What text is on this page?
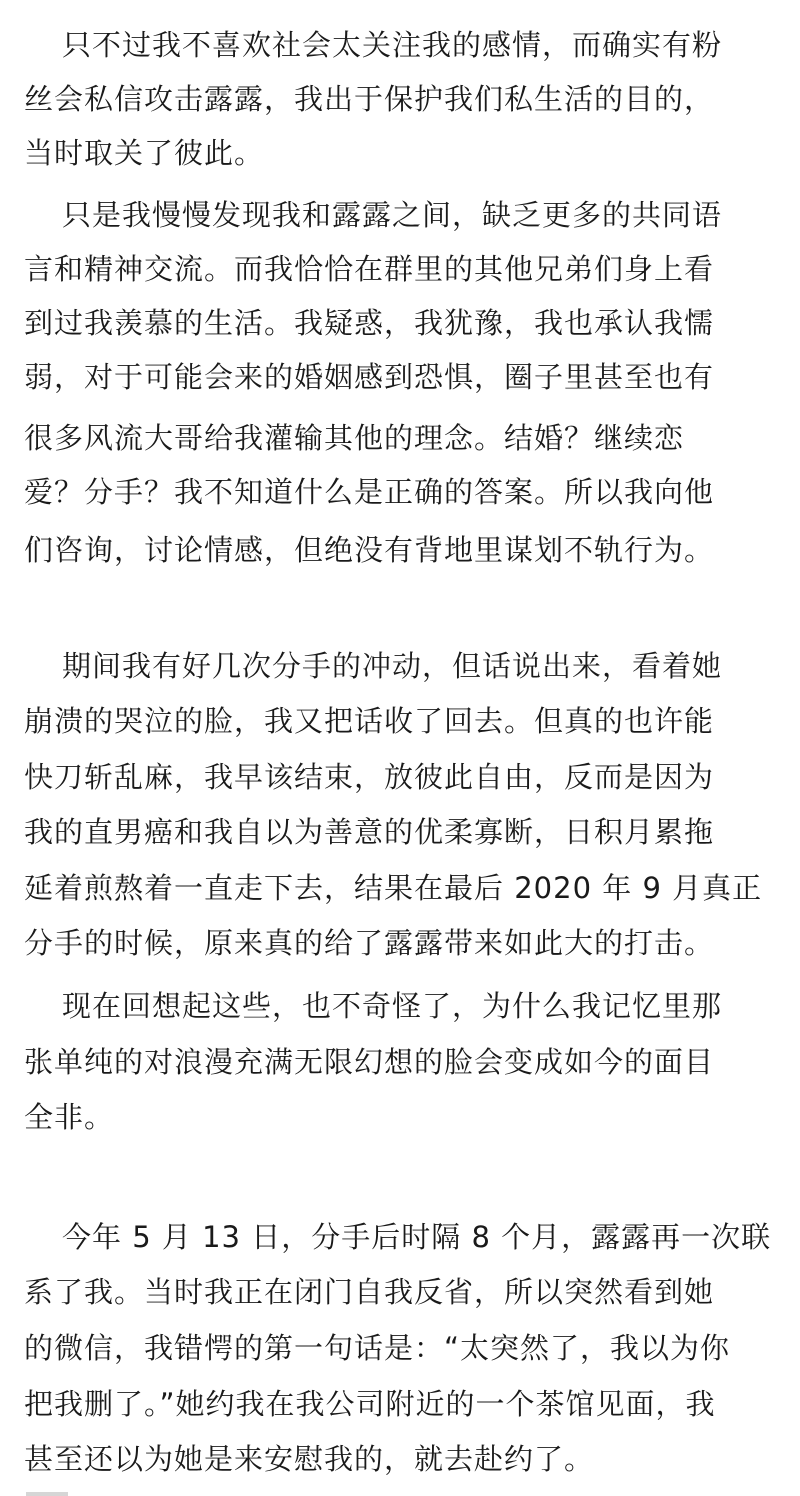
只不过我不喜欢社会太关注我的感情，而确实有粉
丝会私信攻击露露，我出于保护我们私生活的目的，
当时取关了彼此。
只是我慢慢发现我和露露之间，缺乏更多的共同语
言和精神交流。而我恰恰在群里的其他兄弟们身上看
到过我羡慕的生活。我疑惑，我犹豫，我也承认我懦
弱，对于可能会来的婚姻感到恐惧，圈子里甚至也有
很多风流大哥给我灌输其他的理念。结婚？继续恋
爱？分手？我不知道什么是正确的答案。所以我向他
们咨询，讨论情感，但绝没有背地里谋划不轨行为。
期间我有好几次分手的冲动，但话说出来，看着她
崩溃的哭泣的脸，我又把话收了回去。但真的也许能
快刀斩乱麻，我早该结束，放彼此自由，反而是因为
我的直男癌和我自以为善意的优柔寡断，日积月累拖
延着煎熬着一直走下去，结果在最后 2020 年 9 月真正
分手的时候，原来真的给了露露带来如此大的打击。
现在回想起这些，也不奇怪了，为什么我记忆里那
张单纯的对浪漫充满无限幻想的脸会变成如今的面目
全非。
今年 5 月 13 日，分手后时隔 8 个月，露露再一次联
系了我。当时我正在闭门自我反省，所以突然看到她
的微信，我错愕的第一句话是：“太突然了，我以为你
把我删了。”她约我在我公司附近的一个茶馆见面，我
甚至还以为她是来安慰我的，就去赴约了。
